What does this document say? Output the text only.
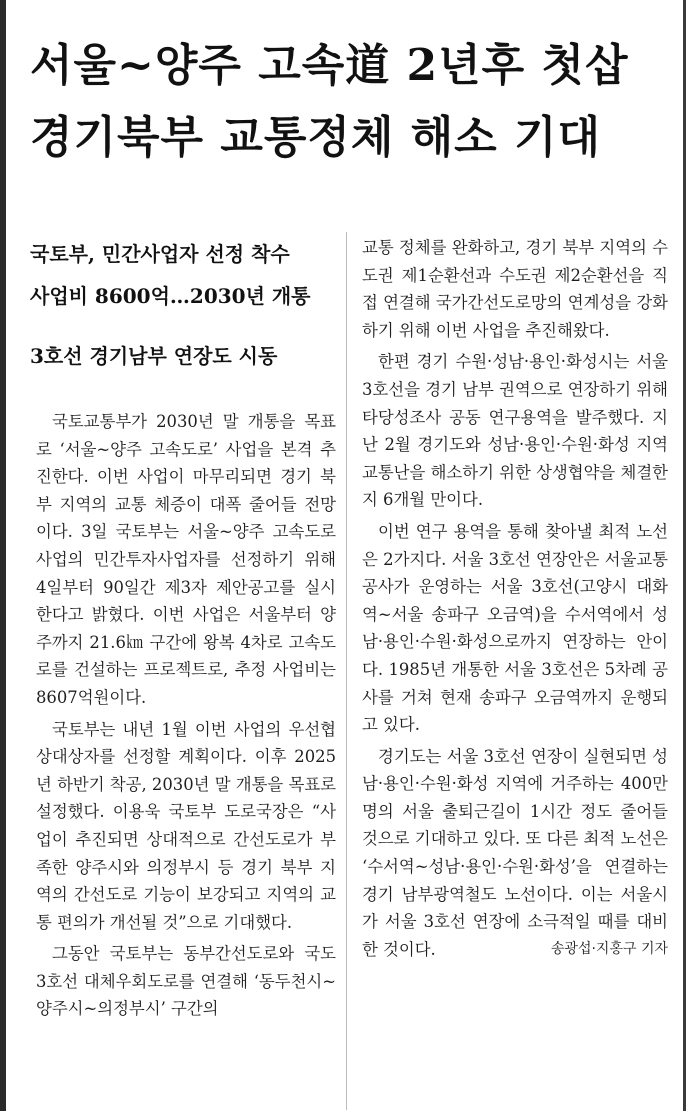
서울~양주 고속道 2년후 첫삽
경기북부 교통정체 해소 기대
국토부, 민간사업자 선정 착수
사업비 8600억…2030년 개통
3호선 경기남부 연장도 시동

국토교통부가 2030년 말 개통을 목표로 ‘서울~양주 고속도로’ 사업을 본격 추진한다. 이번 사업이 마무리되면 경기 북부 지역의 교통 체증이 대폭 줄어들 전망이다. 3일 국토부는 서울~양주 고속도로 사업의 민간투자사업자를 선정하기 위해 4일부터 90일간 제3자 제안공고를 실시한다고 밝혔다. 이번 사업은 서울부터 양주까지 21.6㎞ 구간에 왕복 4차로 고속도로를 건설하는 프로젝트로, 추정 사업비는 8607억원이다.

국토부는 내년 1월 이번 사업의 우선협상대상자를 선정할 계획이다. 이후 2025년 하반기 착공, 2030년 말 개통을 목표로 설정했다. 이용욱 국토부 도로국장은 “사업이 추진되면 상대적으로 간선도로가 부족한 양주시와 의정부시 등 경기 북부 지역의 간선도로 기능이 보강되고 지역의 교통 편의가 개선될 것”으로 기대했다.

그동안 국토부는 동부간선도로와 국도 3호선 대체우회도로를 연결해 ‘동두천시~양주시~의정부시’ 구간의

교통 정체를 완화하고, 경기 북부 지역의 수도권 제1순환선과 수도권 제2순환선을 직접 연결해 국가간선도로망의 연계성을 강화하기 위해 이번 사업을 추진해왔다.

한편 경기 수원·성남·용인·화성시는 서울 3호선을 경기 남부 권역으로 연장하기 위해 타당성조사 공동 연구용역을 발주했다. 지난 2월 경기도와 성남·용인·수원·화성 지역 교통난을 해소하기 위한 상생협약을 체결한 지 6개월 만이다.

이번 연구 용역을 통해 찾아낼 최적 노선은 2가지다. 서울 3호선 연장안은 서울교통공사가 운영하는 서울 3호선(고양시 대화역~서울 송파구 오금역)을 수서역에서 성남·용인·수원·화성으로까지 연장하는 안이다. 1985년 개통한 서울 3호선은 5차례 공사를 거쳐 현재 송파구 오금역까지 운행되고 있다.

경기도는 서울 3호선 연장이 실현되면 성남·용인·수원·화성 지역에 거주하는 400만명의 서울 출퇴근길이 1시간 정도 줄어들 것으로 기대하고 있다. 또 다른 최적 노선은 ‘수서역~성남·용인·수원·화성’을 연결하는 경기 남부광역철도 노선이다. 이는 서울시가 서울 3호선 연장에 소극적일 때를 대비한 것이다.	송광섭·지홍구 기자
